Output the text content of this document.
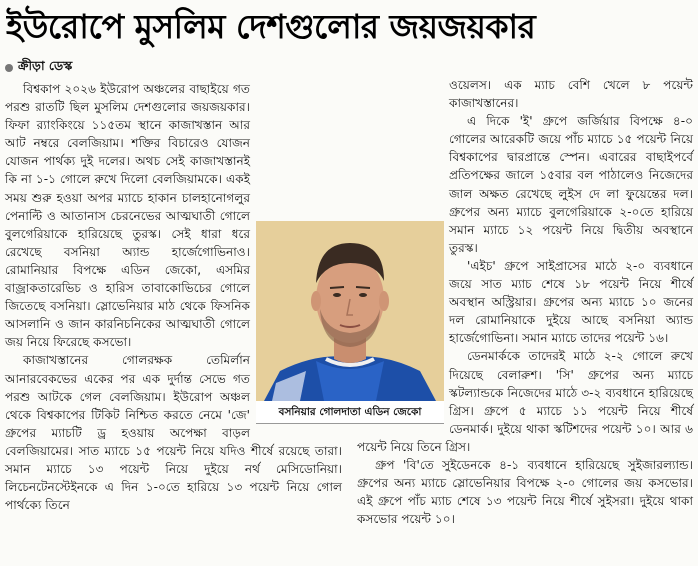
ইউরোপে মুসলিম দেশগুলোর জয়জয়কার
ক্রীড়া ডেস্ক

বিশ্বকাপ ২০২৬ ইউরোপ অঞ্চলের বাছাইয়ে গত পরশু রাতটি ছিল মুসলিম দেশগুলোর জয়জয়কার। ফিফা র‍্যাংকিংয়ে ১১৫তম স্থানে কাজাখস্তান আর আট নম্বরে বেলজিয়াম। শক্তির বিচারেও যোজন যোজন পার্থক্য দুই দলের। অথচ সেই কাজাখস্তানই কি না ১-১ গোলে রুখে দিলো বেলজিয়ামকে। একই সময় শুরু হওয়া অপর ম্যাচে হাকান চালহানোগলুর পেনাল্টি ও আতানাস চেরনেভের আত্মঘাতী গোলে বুলগেরিয়াকে হারিয়েছে তুরস্ক। সেই ধারা ধরে রেখেছে বসনিয়া অ্যান্ড হার্জেগোভিনাও। রোমানিয়ার বিপক্ষে এডিন জেকো, এসমির বাজ্রাকতারেভিচ ও হারিস তাবাকোভিচের গোলে জিতেছে বসনিয়া। স্লোভেনিয়ার মাঠ থেকে ফিসনিক আসলানি ও জান কারনিচনিকের আত্মঘাতী গোলে জয় নিয়ে ফিরেছে কসভো।

কাজাখস্তানের গোলরক্ষক তেমির্লান আনারবেকভের একের পর এক দুর্দান্ত সেভে গত পরশু আটকে গেল বেলজিয়াম। ইউরোপ অঞ্চল থেকে বিশ্বকাপের টিকিট নিশ্চিত করতে নেমে 'জে' গ্রুপের ম্যাচটি ড্র হওয়ায় অপেক্ষা বাড়ল বেলজিয়ামের। সাত ম্যাচে ১৫ পয়েন্ট নিয়ে যদিও শীর্ষে রয়েছে তারা। সমান ম্যাচে ১৩ পয়েন্ট নিয়ে দুইয়ে নর্থ মেসিডোনিয়া। লিচেনটেনস্টেইনকে এ দিন ১-০তে হারিয়ে ১৩ পয়েন্ট নিয়ে গোল পার্থক্যে তিনে

ওয়েলস। এক ম্যাচ বেশি খেলে ৮ পয়েন্ট কাজাখস্তানের।

এ দিকে 'ই' গ্রুপে জর্জিয়ার বিপক্ষে ৪-০ গোলের আরেকটি জয়ে পাঁচ ম্যাচে ১৫ পয়েন্ট নিয়ে বিশ্বকাপের দ্বারপ্রান্তে স্পেন। এবারের বাছাইপর্বে প্রতিপক্ষের জালে ১৫বার বল পাঠালেও নিজেদের জাল অক্ষত রেখেছে লুইস দে লা ফুয়েন্তের দল। গ্রুপের অন্য ম্যাচে বুলগেরিয়াকে ২-০তে হারিয়ে সমান ম্যাচে ১২ পয়েন্ট নিয়ে দ্বিতীয় অবস্থানে তুরস্ক।

'এইচ' গ্রুপে সাইপ্রাসের মাঠে ২-০ ব্যবধানে জয়ে সাত ম্যাচ শেষে ১৮ পয়েন্ট নিয়ে শীর্ষে অবস্থান অস্ট্রিয়ার। গ্রুপের অন্য ম্যাচে ১০ জনের দল রোমানিয়াকে দুইয়ে আছে বসনিয়া অ্যান্ড হার্জেগোভিনা। সমান ম্যাচে তাদের পয়েন্ট ১৬।

ডেনমার্ককে তাদেরই মাঠে ২-২ গোলে রুখে দিয়েছে বেলারুশ। 'সি' গ্রুপের অন্য ম্যাচে স্কটল্যান্ডকে নিজেদের মাঠে ৩-২ ব্যবধানে হারিয়েছে গ্রিস। গ্রুপে ৫ ম্যাচে ১১ পয়েন্ট নিয়ে শীর্ষে ডেনমার্ক। দুইয়ে থাকা স্কটিশদের পয়েন্ট ১০। আর ৬ পয়েন্ট নিয়ে তিনে গ্রিস।

গ্রুপ 'বি'তে সুইডেনকে ৪-১ ব্যবধানে হারিয়েছে সুইজারল্যান্ড। গ্রুপের অন্য ম্যাচে স্লোভেনিয়ার বিপক্ষে ২-০ গোলের জয় কসভোর। এই গ্রুপে পাঁচ ম্যাচ শেষে ১৩ পয়েন্ট নিয়ে শীর্ষে সুইসরা। দুইয়ে থাকা কসভোর পয়েন্ট ১০।

বসনিয়ার গোলদাতা এডিন জেকো
